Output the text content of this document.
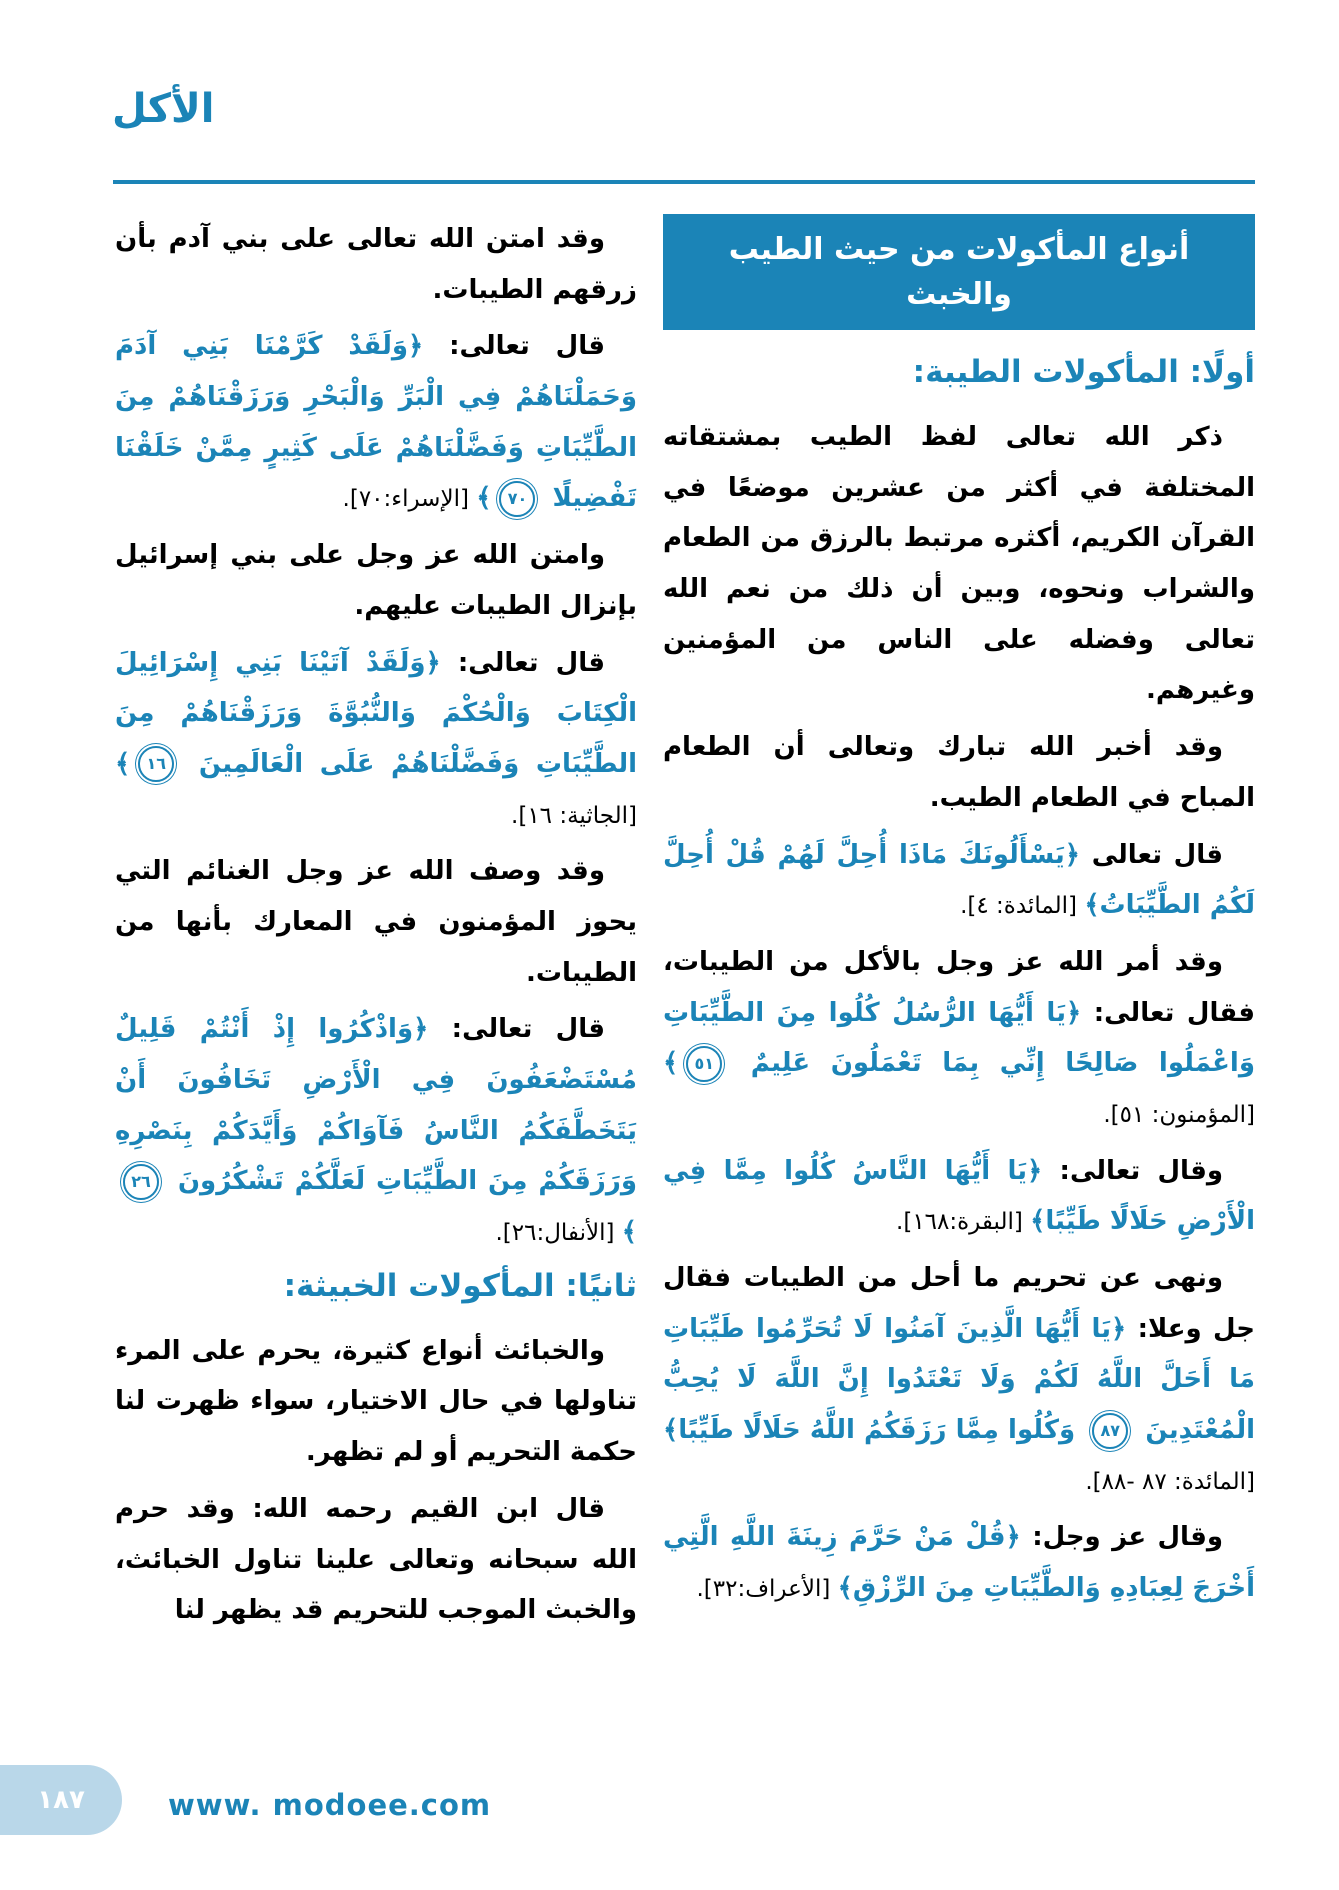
الأكل
أنواع المأكولات من حيث الطيب والخبث
أولًا: المأكولات الطيبة:

ذكر الله تعالى لفظ الطيب بمشتقاته المختلفة في أكثر من عشرين موضعًا في القرآن الكريم، أكثره مرتبط بالرزق من الطعام والشراب ونحوه، وبين أن ذلك من نعم الله تعالى وفضله على الناس من المؤمنين وغيرهم.

وقد أخبر الله تبارك وتعالى أن الطعام المباح في الطعام الطيب.

قال تعالى ﴿يَسْأَلُونَكَ مَاذَا أُحِلَّ لَهُمْ قُلْ أُحِلَّ لَكُمُ الطَّيِّبَاتُ﴾ [المائدة: ٤].

وقد أمر الله عز وجل بالأكل من الطيبات، فقال تعالى: ﴿يَا أَيُّهَا الرُّسُلُ كُلُوا مِنَ الطَّيِّبَاتِ وَاعْمَلُوا صَالِحًا إِنِّي بِمَا تَعْمَلُونَ عَلِيمٌ ٥١﴾ [المؤمنون: ٥١].

وقال تعالى: ﴿يَا أَيُّهَا النَّاسُ كُلُوا مِمَّا فِي الْأَرْضِ حَلَالًا طَيِّبًا﴾ [البقرة:١٦٨].

ونهى عن تحريم ما أحل من الطيبات فقال جل وعلا: ﴿يَا أَيُّهَا الَّذِينَ آمَنُوا لَا تُحَرِّمُوا طَيِّبَاتِ مَا أَحَلَّ اللَّهُ لَكُمْ وَلَا تَعْتَدُوا إِنَّ اللَّهَ لَا يُحِبُّ الْمُعْتَدِينَ ٨٧ وَكُلُوا مِمَّا رَزَقَكُمُ اللَّهُ حَلَالًا طَيِّبًا﴾ [المائدة: ٨٧ -٨٨].

وقال عز وجل: ﴿قُلْ مَنْ حَرَّمَ زِينَةَ اللَّهِ الَّتِي أَخْرَجَ لِعِبَادِهِ وَالطَّيِّبَاتِ مِنَ الرِّزْقِ﴾ [الأعراف:٣٢].

وقد امتن الله تعالى على بني آدم بأن زرقهم الطيبات.

قال تعالى: ﴿وَلَقَدْ كَرَّمْنَا بَنِي آدَمَ وَحَمَلْنَاهُمْ فِي الْبَرِّ وَالْبَحْرِ وَرَزَقْنَاهُمْ مِنَ الطَّيِّبَاتِ وَفَضَّلْنَاهُمْ عَلَى كَثِيرٍ مِمَّنْ خَلَقْنَا تَفْضِيلًا ٧٠﴾ [الإسراء:٧٠].

وامتن الله عز وجل على بني إسرائيل بإنزال الطيبات عليهم.

قال تعالى: ﴿وَلَقَدْ آتَيْنَا بَنِي إِسْرَائِيلَ الْكِتَابَ وَالْحُكْمَ وَالنُّبُوَّةَ وَرَزَقْنَاهُمْ مِنَ الطَّيِّبَاتِ وَفَضَّلْنَاهُمْ عَلَى الْعَالَمِينَ ١٦﴾ [الجاثية: ١٦].

وقد وصف الله عز وجل الغنائم التي يحوز المؤمنون في المعارك بأنها من الطيبات.

قال تعالى: ﴿وَاذْكُرُوا إِذْ أَنْتُمْ قَلِيلٌ مُسْتَضْعَفُونَ فِي الْأَرْضِ تَخَافُونَ أَنْ يَتَخَطَّفَكُمُ النَّاسُ فَآوَاكُمْ وَأَيَّدَكُمْ بِنَصْرِهِ وَرَزَقَكُمْ مِنَ الطَّيِّبَاتِ لَعَلَّكُمْ تَشْكُرُونَ ٢٦﴾ [الأنفال:٢٦].

ثانيًا: المأكولات الخبيثة:

والخبائث أنواع كثيرة، يحرم على المرء تناولها في حال الاختيار، سواء ظهرت لنا حكمة التحريم أو لم تظهر.

قال ابن القيم رحمه الله: وقد حرم الله سبحانه وتعالى علينا تناول الخبائث، والخبث الموجب للتحريم قد يظهر لنا

١٨٧	www. modoee.com
